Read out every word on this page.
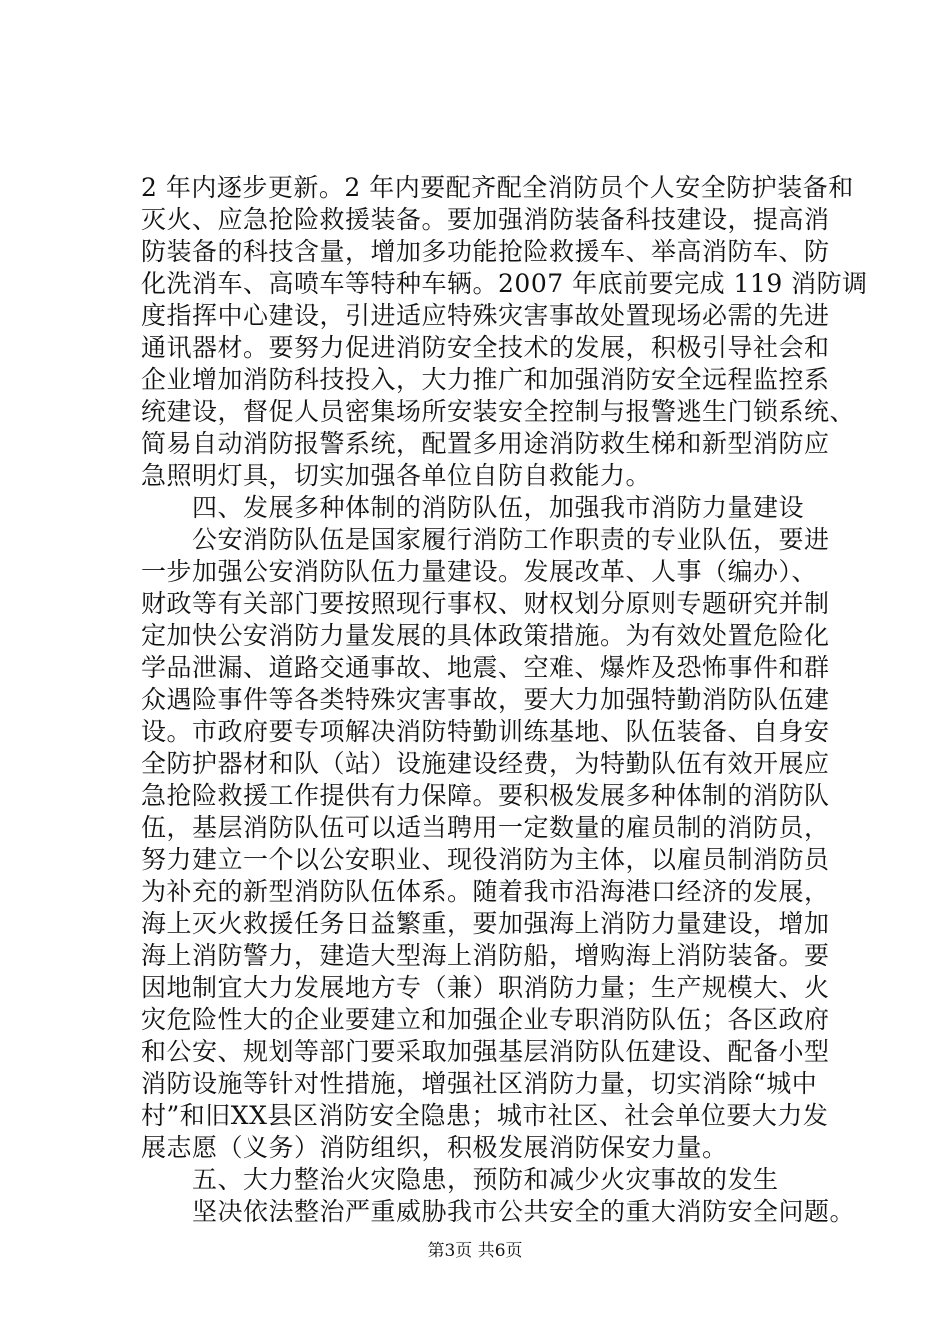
2 年内逐步更新。2 年内要配齐配全消防员个人安全防护装备和
灭火、应急抢险救援装备。要加强消防装备科技建设，提高消
防装备的科技含量，增加多功能抢险救援车、举高消防车、防
化洗消车、高喷车等特种车辆。2007 年底前要完成 119 消防调
度指挥中心建设，引进适应特殊灾害事故处置现场必需的先进
通讯器材。要努力促进消防安全技术的发展，积极引导社会和
企业增加消防科技投入，大力推广和加强消防安全远程监控系
统建设，督促人员密集场所安装安全控制与报警逃生门锁系统、
简易自动消防报警系统，配置多用途消防救生梯和新型消防应
急照明灯具，切实加强各单位自防自救能力。
　　四、发展多种体制的消防队伍，加强我市消防力量建设
　　公安消防队伍是国家履行消防工作职责的专业队伍，要进
一步加强公安消防队伍力量建设。发展改革、人事（编办）、
财政等有关部门要按照现行事权、财权划分原则专题研究并制
定加快公安消防力量发展的具体政策措施。为有效处置危险化
学品泄漏、道路交通事故、地震、空难、爆炸及恐怖事件和群
众遇险事件等各类特殊灾害事故，要大力加强特勤消防队伍建
设。市政府要专项解决消防特勤训练基地、队伍装备、自身安
全防护器材和队（站）设施建设经费，为特勤队伍有效开展应
急抢险救援工作提供有力保障。要积极发展多种体制的消防队
伍，基层消防队伍可以适当聘用一定数量的雇员制的消防员，
努力建立一个以公安职业、现役消防为主体，以雇员制消防员
为补充的新型消防队伍体系。随着我市沿海港口经济的发展，
海上灭火救援任务日益繁重，要加强海上消防力量建设，增加
海上消防警力，建造大型海上消防船，增购海上消防装备。要
因地制宜大力发展地方专（兼）职消防力量；生产规模大、火
灾危险性大的企业要建立和加强企业专职消防队伍；各区政府
和公安、规划等部门要采取加强基层消防队伍建设、配备小型
消防设施等针对性措施，增强社区消防力量，切实消除“城中
村”和旧XX县区消防安全隐患；城市社区、社会单位要大力发
展志愿（义务）消防组织，积极发展消防保安力量。
　　五、大力整治火灾隐患，预防和减少火灾事故的发生
　　坚决依法整治严重威胁我市公共安全的重大消防安全问题。
第3页 共6页
